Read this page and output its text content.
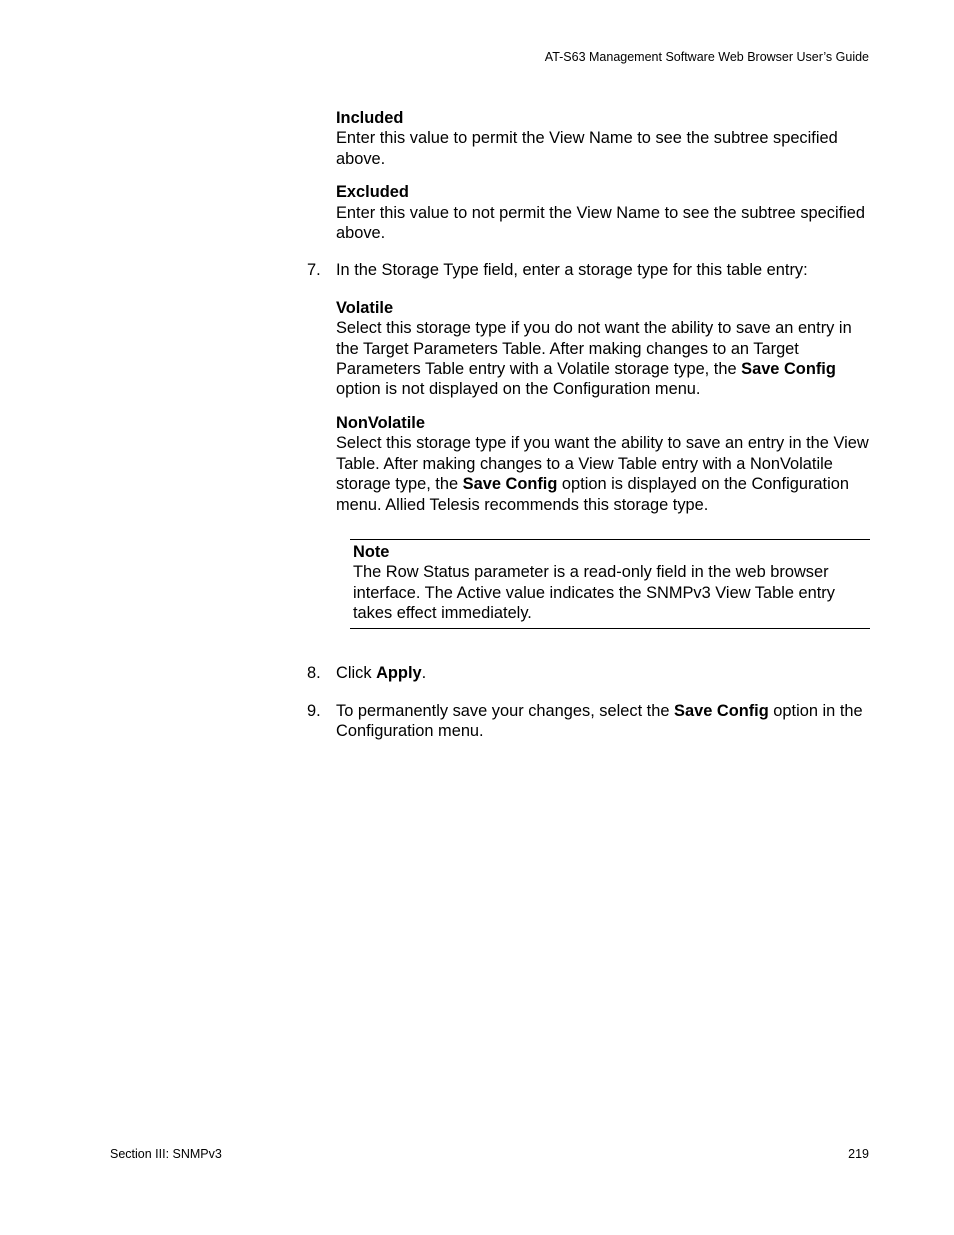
AT-S63 Management Software Web Browser User’s Guide

Included

Enter this value to permit the View Name to see the subtree specified above.

Excluded

Enter this value to not permit the View Name to see the subtree specified above.

7. In the Storage Type field, enter a storage type for this table entry:

Volatile

Select this storage type if you do not want the ability to save an entry in the Target Parameters Table. After making changes to an Target Parameters Table entry with a Volatile storage type, the Save Config option is not displayed on the Configuration menu.

NonVolatile

Select this storage type if you want the ability to save an entry in the View Table. After making changes to a View Table entry with a NonVolatile storage type, the Save Config option is displayed on the Configuration menu. Allied Telesis recommends this storage type.

Note

The Row Status parameter is a read-only field in the web browser interface. The Active value indicates the SNMPv3 View Table entry takes effect immediately.

8. Click Apply.

9. To permanently save your changes, select the Save Config option in the Configuration menu.

Section III: SNMPv3	219
